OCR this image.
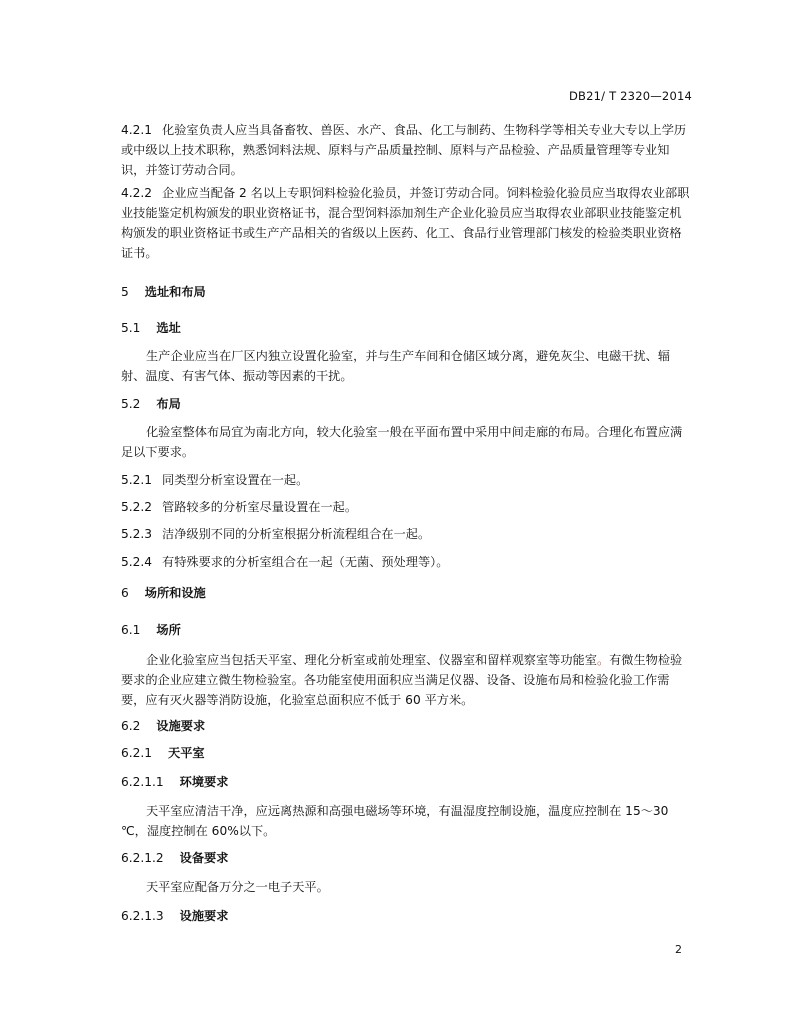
DB21/ T 2320—2014
4.2.1 化验室负责人应当具备畜牧、兽医、水产、食品、化工与制药、生物科学等相关专业大专以上学历或中级以上技术职称，熟悉饲料法规、原料与产品质量控制、原料与产品检验、产品质量管理等专业知识，并签订劳动合同。
4.2.2 企业应当配备 2 名以上专职饲料检验化验员，并签订劳动合同。饲料检验化验员应当取得农业部职业技能鉴定机构颁发的职业资格证书，混合型饲料添加剂生产企业化验员应当取得农业部职业技能鉴定机构颁发的职业资格证书或生产产品相关的省级以上医药、化工、食品行业管理部门核发的检验类职业资格证书。
5 选址和布局
5.1 选址
生产企业应当在厂区内独立设置化验室，并与生产车间和仓储区域分离，避免灰尘、电磁干扰、辐射、温度、有害气体、振动等因素的干扰。
5.2 布局
化验室整体布局宜为南北方向，较大化验室一般在平面布置中采用中间走廊的布局。合理化布置应满足以下要求。
5.2.1 同类型分析室设置在一起。
5.2.2 管路较多的分析室尽量设置在一起。
5.2.3 洁净级别不同的分析室根据分析流程组合在一起。
5.2.4 有特殊要求的分析室组合在一起（无菌、预处理等）。
6 场所和设施
6.1 场所
企业化验室应当包括天平室、理化分析室或前处理室、仪器室和留样观察室等功能室。有微生物检验要求的企业应建立微生物检验室。各功能室使用面积应当满足仪器、设备、设施布局和检验化验工作需要，应有灭火器等消防设施，化验室总面积应不低于 60 平方米。
6.2 设施要求
6.2.1 天平室
6.2.1.1 环境要求
天平室应清洁干净，应远离热源和高强电磁场等环境，有温湿度控制设施，温度应控制在 15～30 ℃，湿度控制在 60%以下。
6.2.1.2 设备要求
天平室应配备万分之一电子天平。
6.2.1.3 设施要求
2
